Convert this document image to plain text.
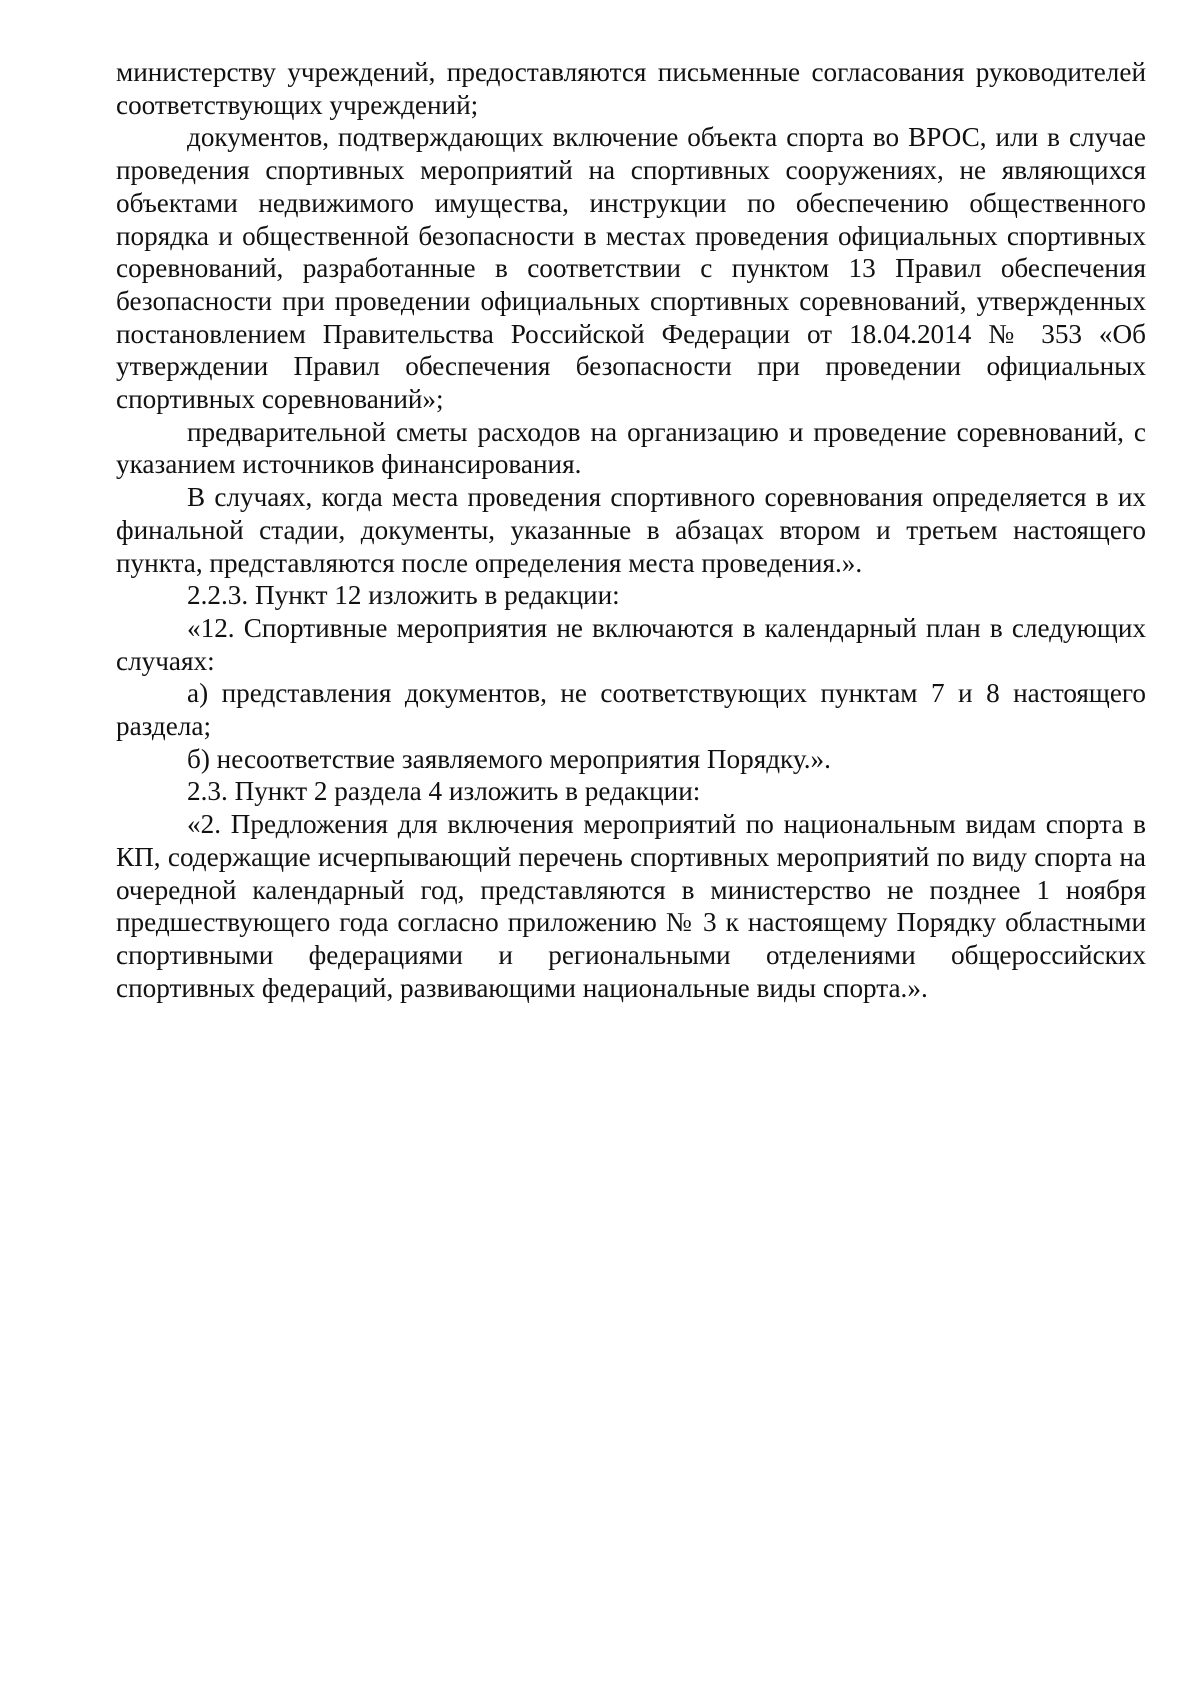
министерству учреждений, предоставляются письменные согласования руководителей соответствующих учреждений;

документов, подтверждающих включение объекта спорта во ВРОС, или в случае проведения спортивных мероприятий на спортивных сооружениях, не являющихся объектами недвижимого имущества, инструкции по обеспечению общественного порядка и общественной безопасности в местах проведения официальных спортивных соревнований, разработанные в соответствии с пунктом 13 Правил обеспечения безопасности при проведении официальных спортивных соревнований, утвержденных постановлением Правительства Российской Федерации от 18.04.2014 № 353 «Об утверждении Правил обеспечения безопасности при проведении официальных спортивных соревнований»;

предварительной сметы расходов на организацию и проведение соревнований, с указанием источников финансирования.

В случаях, когда места проведения спортивного соревнования определяется в их финальной стадии, документы, указанные в абзацах втором и третьем настоящего пункта, представляются после определения места проведения.».

2.2.3. Пункт 12 изложить в редакции:

«12. Спортивные мероприятия не включаются в календарный план в следующих случаях:

а) представления документов, не соответствующих пунктам 7 и 8 настоящего раздела;

б) несоответствие заявляемого мероприятия Порядку.».

2.3. Пункт 2 раздела 4 изложить в редакции:

«2. Предложения для включения мероприятий по национальным видам спорта в КП, содержащие исчерпывающий перечень спортивных мероприятий по виду спорта на очередной календарный год, представляются в министерство не позднее 1 ноября предшествующего года согласно приложению № 3 к настоящему Порядку областными спортивными федерациями и региональными отделениями общероссийских спортивных федераций, развивающими национальные виды спорта.».
